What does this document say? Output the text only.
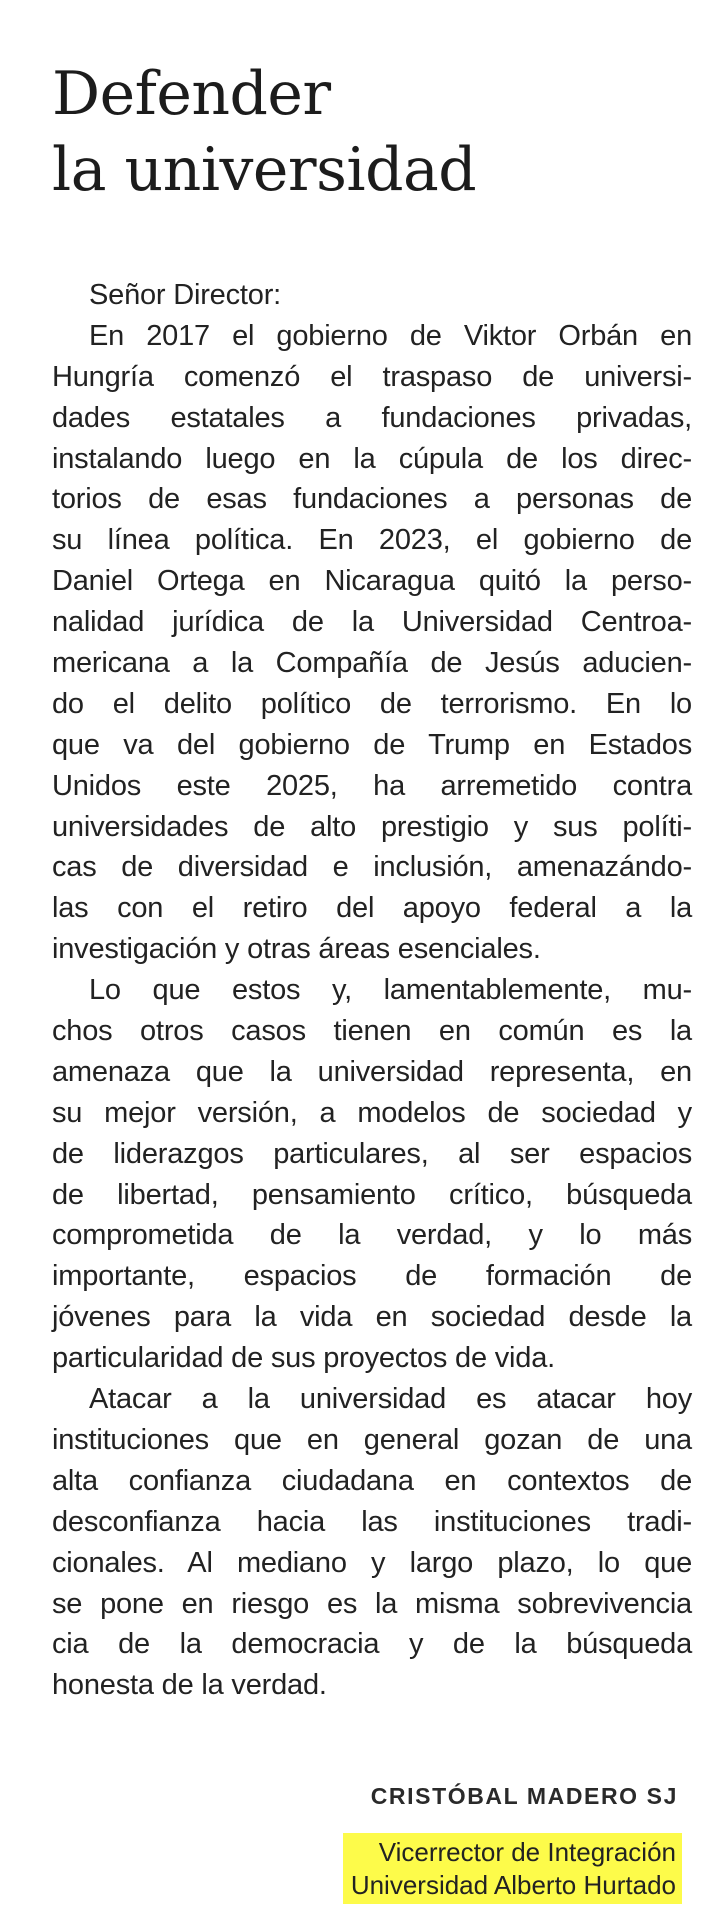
Defender
la universidad
Señor Director:
En 2017 el gobierno de Viktor Orbán en
Hungría comenzó el traspaso de universi-
dades estatales a fundaciones privadas,
instalando luego en la cúpula de los direc-
torios de esas fundaciones a personas de
su línea política. En 2023, el gobierno de
Daniel Ortega en Nicaragua quitó la perso-
nalidad jurídica de la Universidad Centroa-
mericana a la Compañía de Jesús aducien-
do el delito político de terrorismo. En lo
que va del gobierno de Trump en Estados
Unidos este 2025, ha arremetido contra
universidades de alto prestigio y sus políti-
cas de diversidad e inclusión, amenazándo-
las con el retiro del apoyo federal a la
investigación y otras áreas esenciales.
Lo que estos y, lamentablemente, mu-
chos otros casos tienen en común es la
amenaza que la universidad representa, en
su mejor versión, a modelos de sociedad y
de liderazgos particulares, al ser espacios
de libertad, pensamiento crítico, búsqueda
comprometida de la verdad, y lo más
importante, espacios de formación de
jóvenes para la vida en sociedad desde la
particularidad de sus proyectos de vida.
Atacar a la universidad es atacar hoy
instituciones que en general gozan de una
alta confianza ciudadana en contextos de
desconfianza hacia las instituciones tradi-
cionales. Al mediano y largo plazo, lo que
se pone en riesgo es la misma sobrevivencia
cia de la democracia y de la búsqueda
honesta de la verdad.
CRISTÓBAL MADERO SJ
Vicerrector de Integración
Universidad Alberto Hurtado
